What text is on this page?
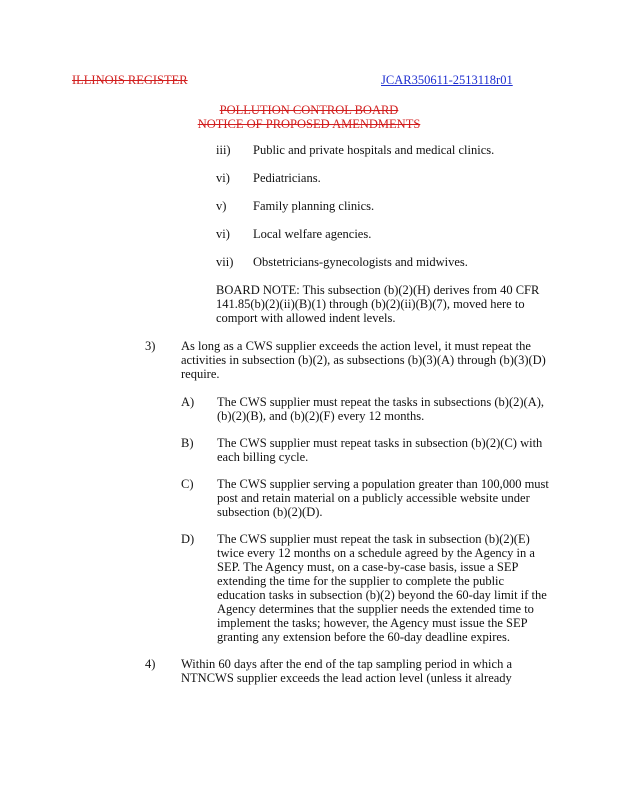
ILLINOIS REGISTER	JCAR350611-2513118r01
POLLUTION CONTROL BOARD
NOTICE OF PROPOSED AMENDMENTS
iii) Public and private hospitals and medical clinics.
vi) Pediatricians.
v) Family planning clinics.
vi) Local welfare agencies.
vii) Obstetricians-gynecologists and midwives.
BOARD NOTE: This subsection (b)(2)(H) derives from 40 CFR
141.85(b)(2)(ii)(B)(1) through (b)(2)(ii)(B)(7), moved here to
comport with allowed indent levels.
3) As long as a CWS supplier exceeds the action level, it must repeat the
activities in subsection (b)(2), as subsections (b)(3)(A) through (b)(3)(D)
require.
A) The CWS supplier must repeat the tasks in subsections (b)(2)(A),
(b)(2)(B), and (b)(2)(F) every 12 months.
B) The CWS supplier must repeat tasks in subsection (b)(2)(C) with
each billing cycle.
C) The CWS supplier serving a population greater than 100,000 must
post and retain material on a publicly accessible website under
subsection (b)(2)(D).
D) The CWS supplier must repeat the task in subsection (b)(2)(E)
twice every 12 months on a schedule agreed by the Agency in a
SEP. The Agency must, on a case-by-case basis, issue a SEP
extending the time for the supplier to complete the public
education tasks in subsection (b)(2) beyond the 60-day limit if the
Agency determines that the supplier needs the extended time to
implement the tasks; however, the Agency must issue the SEP
granting any extension before the 60-day deadline expires.
4) Within 60 days after the end of the tap sampling period in which a
NTNCWS supplier exceeds the lead action level (unless it already
